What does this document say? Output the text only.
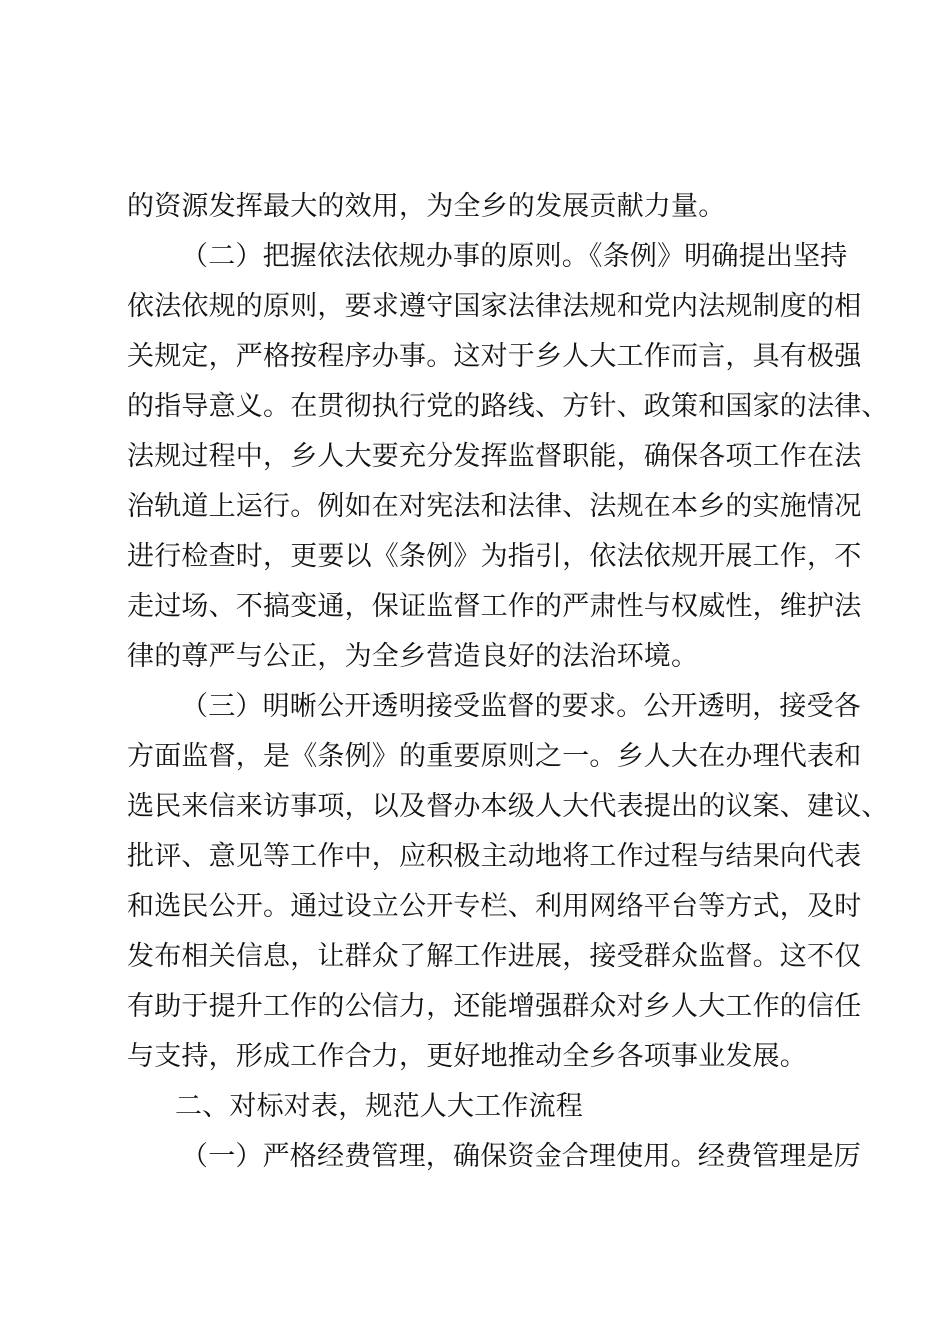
的资源发挥最大的效用，为全乡的发展贡献力量。
（二）把握依法依规办事的原则。《条例》明确提出坚持
依法依规的原则，要求遵守国家法律法规和党内法规制度的相
关规定，严格按程序办事。这对于乡人大工作而言，具有极强
的指导意义。在贯彻执行党的路线、方针、政策和国家的法律、
法规过程中，乡人大要充分发挥监督职能，确保各项工作在法
治轨道上运行。例如在对宪法和法律、法规在本乡的实施情况
进行检查时，更要以《条例》为指引，依法依规开展工作，不
走过场、不搞变通，保证监督工作的严肃性与权威性，维护法
律的尊严与公正，为全乡营造良好的法治环境。
（三）明晰公开透明接受监督的要求。公开透明，接受各
方面监督，是《条例》的重要原则之一。乡人大在办理代表和
选民来信来访事项，以及督办本级人大代表提出的议案、建议、
批评、意见等工作中，应积极主动地将工作过程与结果向代表
和选民公开。通过设立公开专栏、利用网络平台等方式，及时
发布相关信息，让群众了解工作进展，接受群众监督。这不仅
有助于提升工作的公信力，还能增强群众对乡人大工作的信任
与支持，形成工作合力，更好地推动全乡各项事业发展。
二、对标对表，规范人大工作流程
（一）严格经费管理，确保资金合理使用。经费管理是厉
